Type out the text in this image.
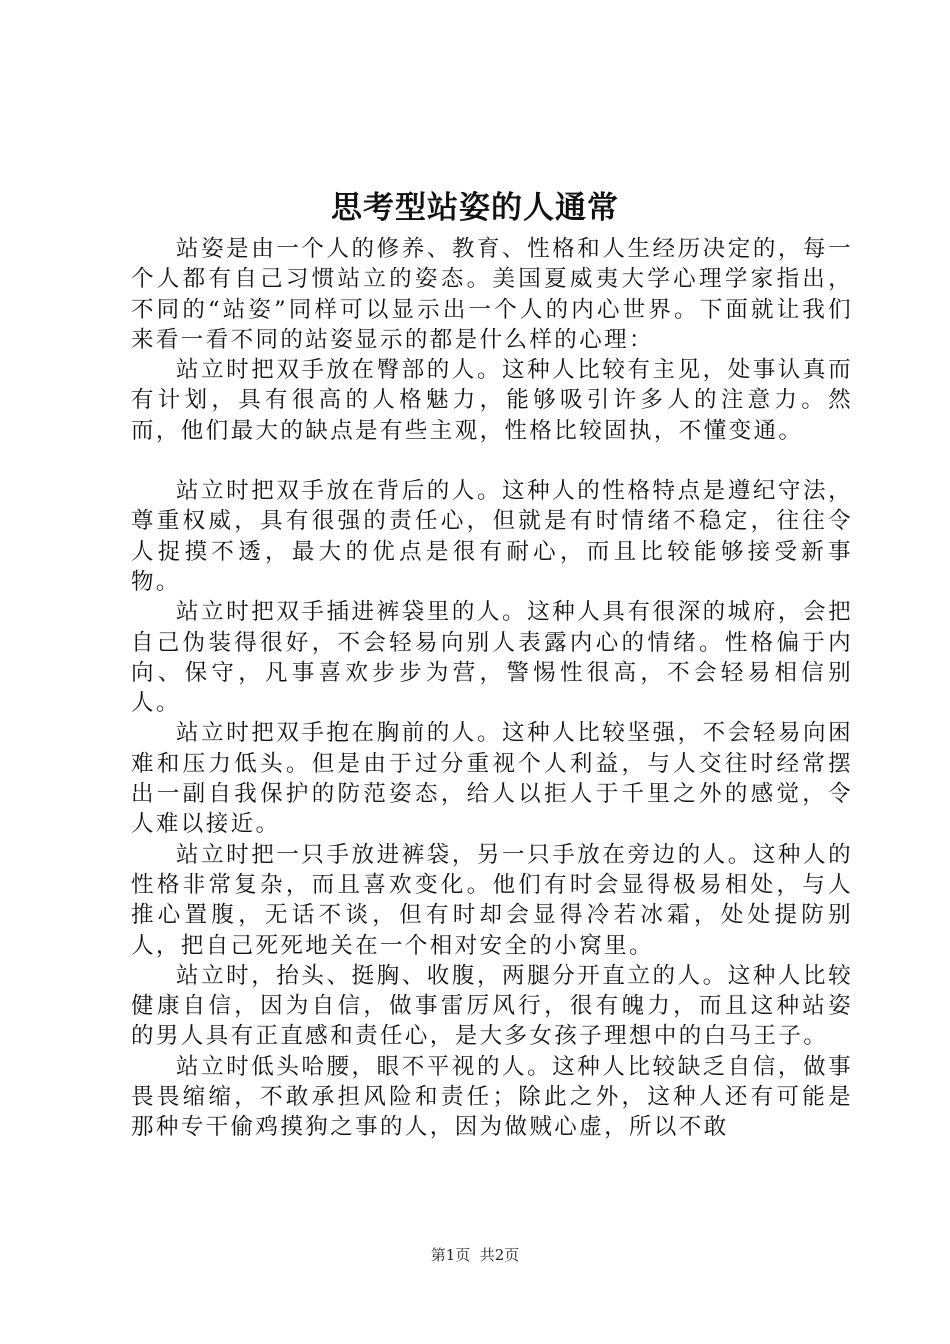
思考型站姿的人通常

站姿是由一个人的修养、教育、性格和人生经历决定的，每一个人都有自己习惯站立的姿态。美国夏威夷大学心理学家指出，不同的“站姿”同样可以显示出一个人的内心世界。下面就让我们来看一看不同的站姿显示的都是什么样的心理：

站立时把双手放在臀部的人。这种人比较有主见，处事认真而有计划，具有很高的人格魅力，能够吸引许多人的注意力。然而，他们最大的缺点是有些主观，性格比较固执，不懂变通。

站立时把双手放在背后的人。这种人的性格特点是遵纪守法，尊重权威，具有很强的责任心，但就是有时情绪不稳定，往往令人捉摸不透，最大的优点是很有耐心，而且比较能够接受新事物。

站立时把双手插进裤袋里的人。这种人具有很深的城府，会把自己伪装得很好，不会轻易向别人表露内心的情绪。性格偏于内向、保守，凡事喜欢步步为营，警惕性很高，不会轻易相信别人。

站立时把双手抱在胸前的人。这种人比较坚强，不会轻易向困难和压力低头。但是由于过分重视个人利益，与人交往时经常摆出一副自我保护的防范姿态，给人以拒人于千里之外的感觉，令人难以接近。

站立时把一只手放进裤袋，另一只手放在旁边的人。这种人的性格非常复杂，而且喜欢变化。他们有时会显得极易相处，与人推心置腹，无话不谈，但有时却会显得冷若冰霜，处处提防别人，把自己死死地关在一个相对安全的小窝里。

站立时，抬头、挺胸、收腹，两腿分开直立的人。这种人比较健康自信，因为自信，做事雷厉风行，很有魄力，而且这种站姿的男人具有正直感和责任心，是大多女孩子理想中的白马王子。

站立时低头哈腰，眼不平视的人。这种人比较缺乏自信，做事畏畏缩缩，不敢承担风险和责任；除此之外，这种人还有可能是那种专干偷鸡摸狗之事的人，因为做贼心虚，所以不敢

第1页  共2页
